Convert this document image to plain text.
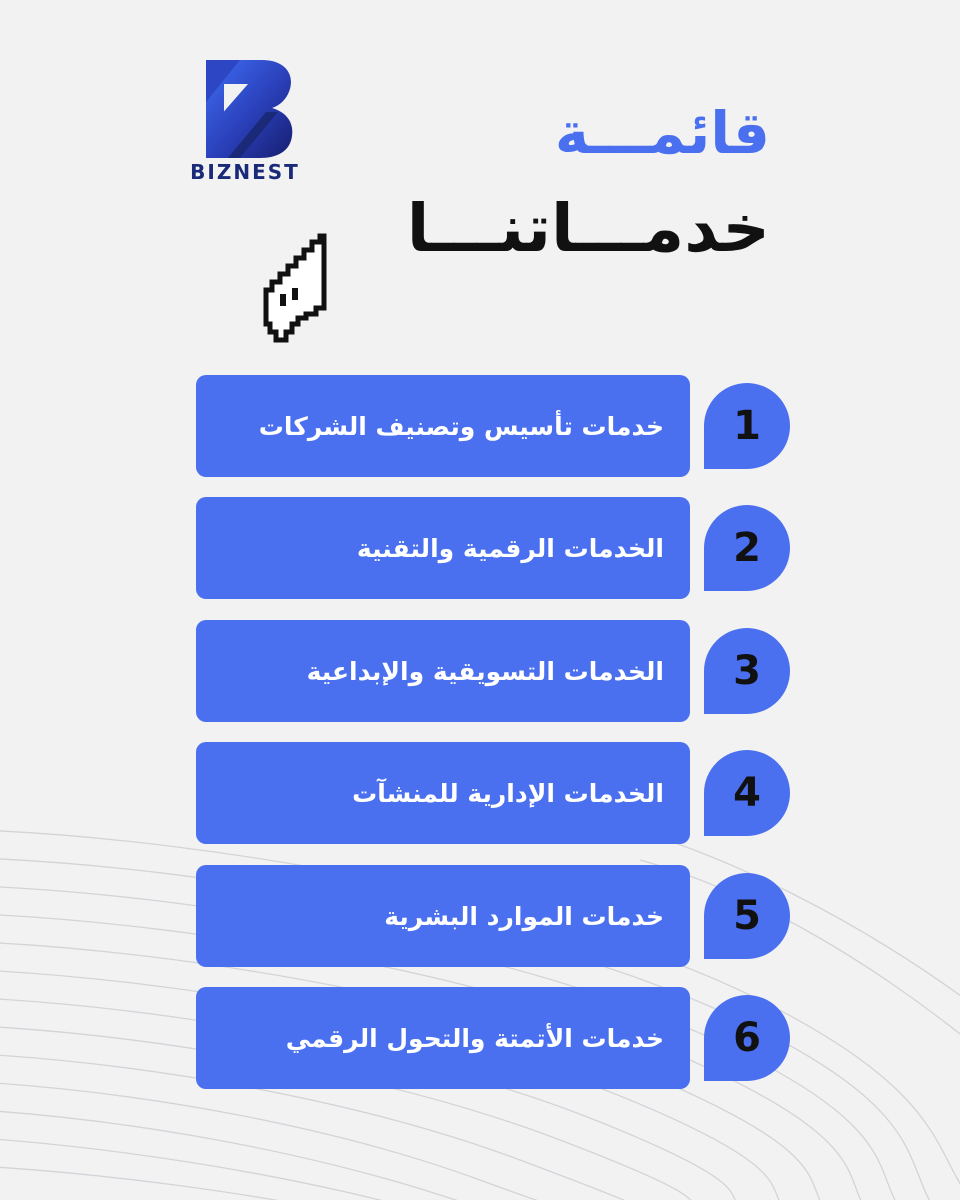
BIZNEST
قائمـــة
خدمـــاتنـــا
خدمات تأسيس وتصنيف الشركات	1
الخدمات الرقمية والتقنية	2
الخدمات التسويقية والإبداعية	3
الخدمات الإدارية للمنشآت	4
خدمات الموارد البشرية	5
خدمات الأتمتة والتحول الرقمي	6
